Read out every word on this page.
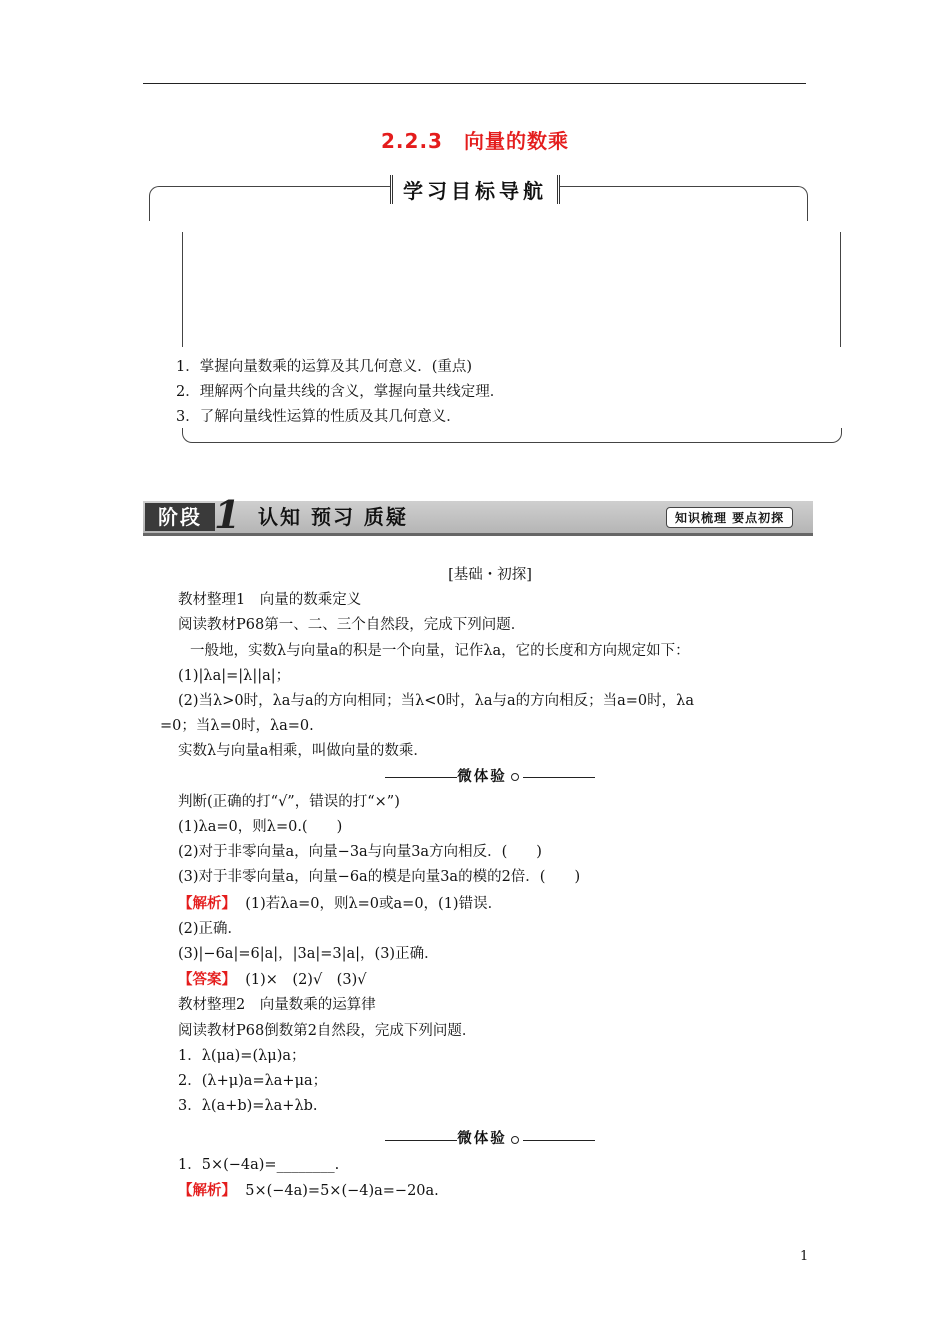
2.2.3　向量的数乘
学习目标导航
1．掌握向量数乘的运算及其几何意义．(重点)
2．理解两个向量共线的含义，掌握向量共线定理．
3．了解向量线性运算的性质及其几何意义．
阶段 1 认知 预习 质疑	知识梳理 要点初探

[基础・初探]

教材整理1　向量的数乘定义

阅读教材P68第一、二、三个自然段，完成下列问题．

一般地，实数λ与向量a的积是一个向量，记作λa，它的长度和方向规定如下：

(1)|λa|=|λ||a|；

(2)当λ>0时，λa与a的方向相同；当λ<0时，λa与a的方向相反；当a=0时，λa

=0；当λ=0时，λa=0.

实数λ与向量a相乘，叫做向量的数乘．

微体验

判断(正确的打“√”，错误的打“×”)

(1)λa=0，则λ=0.(　　)

(2)对于非零向量a，向量−3a与向量3a方向相反．(　　)

(3)对于非零向量a，向量−6a的模是向量3a的模的2倍．(　　)

【解析】 (1)若λa=0，则λ=0或a=0，(1)错误．

(2)正确．

(3)|−6a|=6|a|，|3a|=3|a|，(3)正确．

【答案】 (1)×　(2)√　(3)√

教材整理2　向量数乘的运算律

阅读教材P68倒数第2自然段，完成下列问题．

1．λ(μa)=(λμ)a；

2．(λ+μ)a=λa+μa；

3．λ(a+b)=λa+λb.

微体验

1．5×(−4a)=________.

【解析】 5×(−4a)=5×(−4)a=−20a.

1
